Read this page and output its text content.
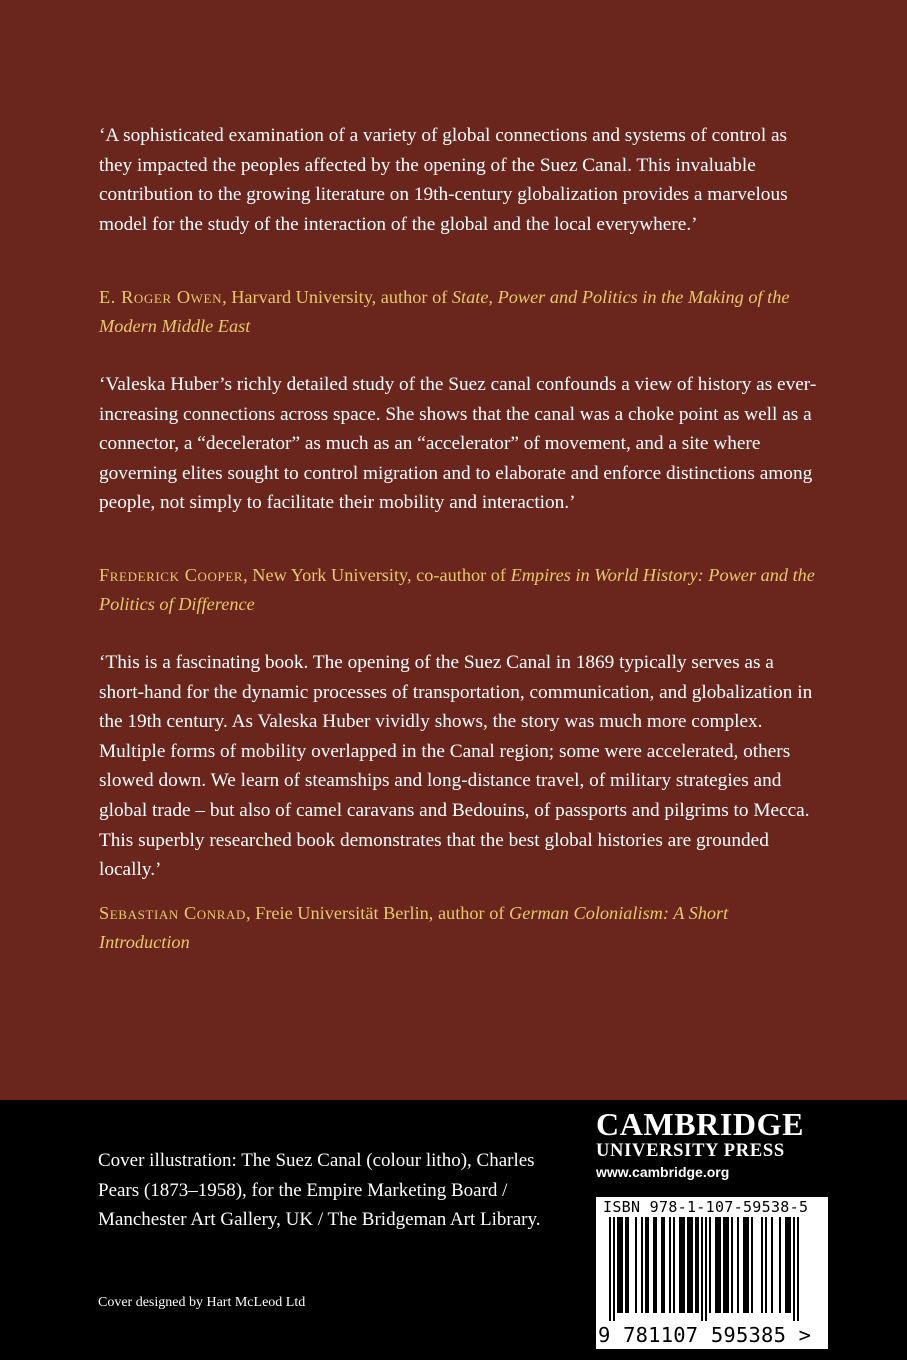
‘A sophisticated examination of a variety of global connections and systems of control as they impacted the peoples affected by the opening of the Suez Canal. This invaluable contribution to the growing literature on 19th-century globalization provides a marvelous model for the study of the interaction of the global and the local everywhere.’

E. Roger Owen, Harvard University, author of State, Power and Politics in the Making of the Modern Middle East

‘Valeska Huber’s richly detailed study of the Suez canal confounds a view of history as ever-increasing connections across space. She shows that the canal was a choke point as well as a connector, a “decelerator” as much as an “accelerator” of movement, and a site where governing elites sought to control migration and to elaborate and enforce distinctions among people, not simply to facilitate their mobility and interaction.’

Frederick Cooper, New York University, co-author of Empires in World History: Power and the Politics of Difference

‘This is a fascinating book. The opening of the Suez Canal in 1869 typically serves as a short-hand for the dynamic processes of transportation, communication, and globalization in the 19th century. As Valeska Huber vividly shows, the story was much more complex. Multiple forms of mobility overlapped in the Canal region; some were accelerated, others slowed down. We learn of steamships and long-distance travel, of military strategies and global trade – but also of camel caravans and Bedouins, of passports and pilgrims to Mecca. This superbly researched book demonstrates that the best global histories are grounded locally.’

Sebastian Conrad, Freie Universität Berlin, author of German Colonialism: A Short Introduction

Cover illustration: The Suez Canal (colour litho), Charles Pears (1873–1958), for the Empire Marketing Board / Manchester Art Gallery, UK / The Bridgeman Art Library.

Cover designed by Hart McLeod Ltd

CAMBRIDGE
UNIVERSITY PRESS
www.cambridge.org
ISBN 978-1-107-59538-5
9 781107 595385 >
